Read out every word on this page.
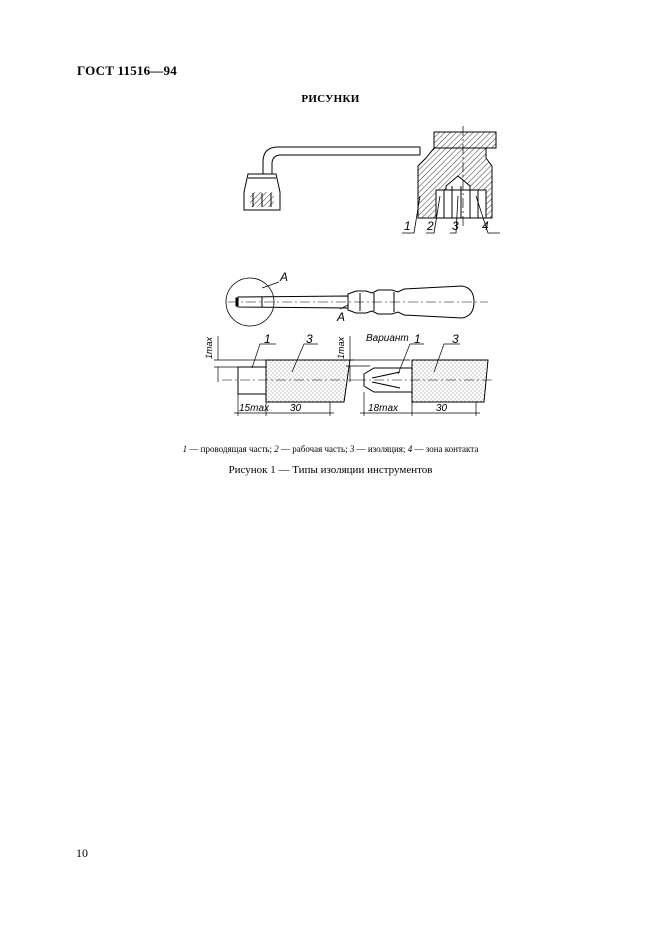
ГОСТ 11516—94
РИСУНКИ
1 2 3 4
А
А
1max	1	3
15max 30
1max Вариант 1	3
18max	30
1 — проводящая часть; 2 — рабочая часть; 3 — изоляция; 4 — зона контакта
Рисунок 1 — Типы изоляции инструментов
10
